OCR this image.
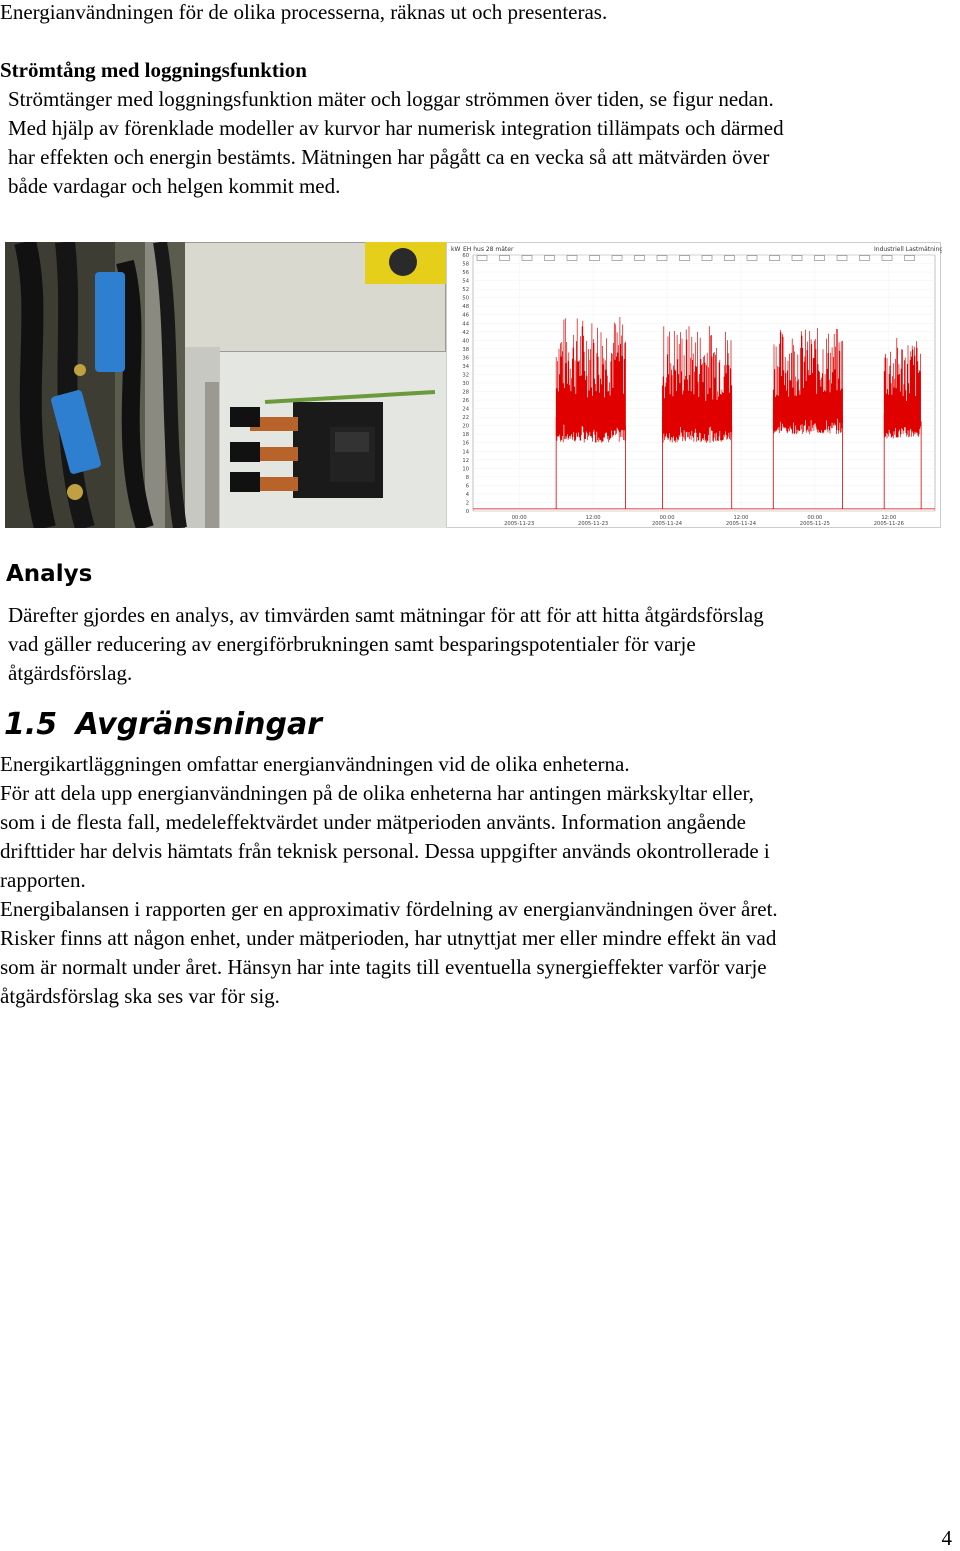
Energianvändningen för de olika processerna, räknas ut och presenteras.
Strömtång med loggningsfunktion
Strömtänger med loggningsfunktion mäter och loggar strömmen över tiden, se figur nedan.
Med hjälp av förenklade modeller av kurvor har numerisk integration tillämpats och därmed
har effekten och energin bestämts. Mätningen har pågått ca en vecka så att mätvärden över
både vardagar och helgen kommit med.
kW EH hus 28 mäter	Industriell Lastmätning
0
2
4
6
8
10
12
14
16
18
20
22
24
26
28
30
32
34
36
38
40
42
44
46
48
50
52
54
56
58
60
00:00
2005-11-23
12:00
2005-11-23
00:00
2005-11-24
12:00
2005-11-24
00:00
2005-11-25
12:00
2005-11-26
Analys
Därefter gjordes en analys, av timvärden samt mätningar för att för att hitta åtgärdsförslag
vad gäller reducering av energiförbrukningen samt besparingspotentialer för varje
åtgärdsförslag.
1.5 Avgränsningar
Energikartläggningen omfattar energianvändningen vid de olika enheterna.
För att dela upp energianvändningen på de olika enheterna har antingen märkskyltar eller,
som i de flesta fall, medeleffektvärdet under mätperioden använts. Information angående
drifttider har delvis hämtats från teknisk personal. Dessa uppgifter används okontrollerade i
rapporten.
Energibalansen i rapporten ger en approximativ fördelning av energianvändningen över året.
Risker finns att någon enhet, under mätperioden, har utnyttjat mer eller mindre effekt än vad
som är normalt under året. Hänsyn har inte tagits till eventuella synergieffekter varför varje
åtgärdsförslag ska ses var för sig.
4
